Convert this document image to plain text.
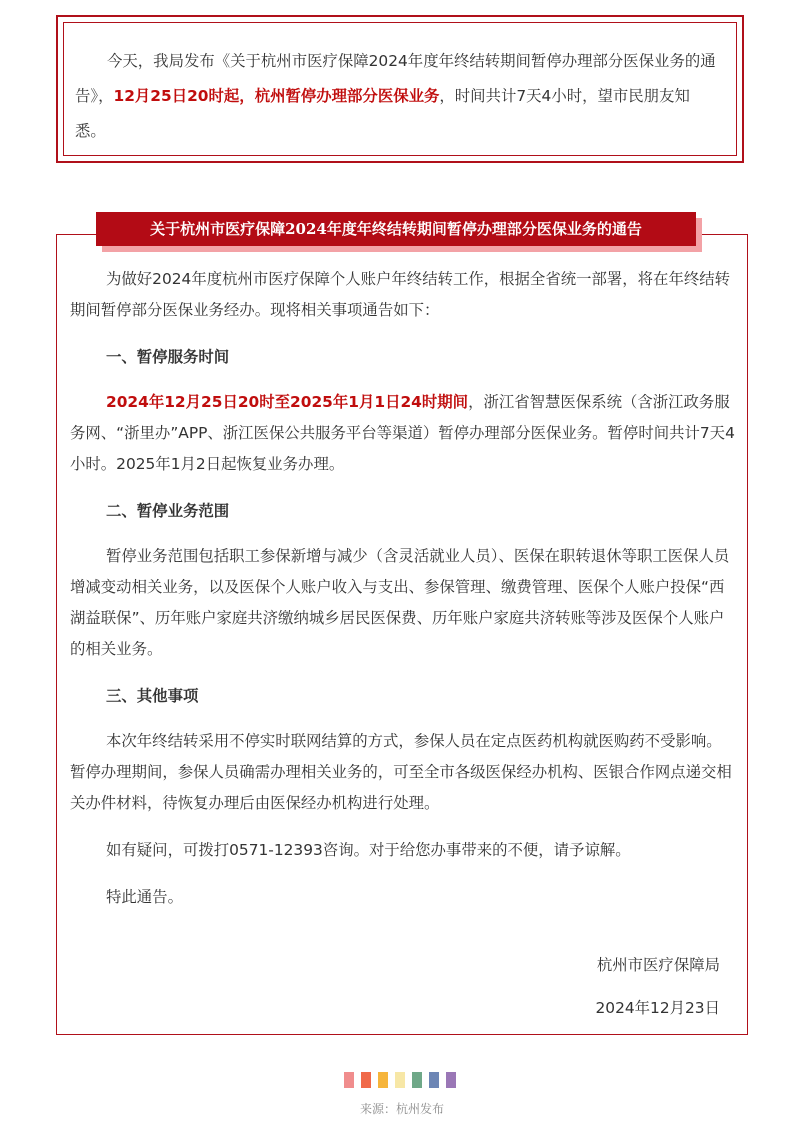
今天，我局发布《关于杭州市医疗保障2024年度年终结转期间暂停办理部分医保业务的通告》，12月25日20时起，杭州暂停办理部分医保业务，时间共计7天4小时，望市民朋友知悉。

关于杭州市医疗保障2024年度年终结转期间暂停办理部分医保业务的通告

为做好2024年度杭州市医疗保障个人账户年终结转工作，根据全省统一部署，将在年终结转期间暂停部分医保业务经办。现将相关事项通告如下：

一、暂停服务时间

2024年12月25日20时至2025年1月1日24时期间，浙江省智慧医保系统（含浙江政务服务网、“浙里办”APP、浙江医保公共服务平台等渠道）暂停办理部分医保业务。暂停时间共计7天4小时。2025年1月2日起恢复业务办理。

二、暂停业务范围

暂停业务范围包括职工参保新增与减少（含灵活就业人员）、医保在职转退休等职工医保人员增减变动相关业务，以及医保个人账户收入与支出、参保管理、缴费管理、医保个人账户投保“西湖益联保”、历年账户家庭共济缴纳城乡居民医保费、历年账户家庭共济转账等涉及医保个人账户的相关业务。

三、其他事项

本次年终结转采用不停实时联网结算的方式，参保人员在定点医药机构就医购药不受影响。暂停办理期间，参保人员确需办理相关业务的，可至全市各级医保经办机构、医银合作网点递交相关办件材料，待恢复办理后由医保经办机构进行处理。

如有疑问，可拨打0571-12393咨询。对于给您办事带来的不便，请予谅解。

特此通告。

杭州市医疗保障局
2024年12月23日
来源：杭州发布
